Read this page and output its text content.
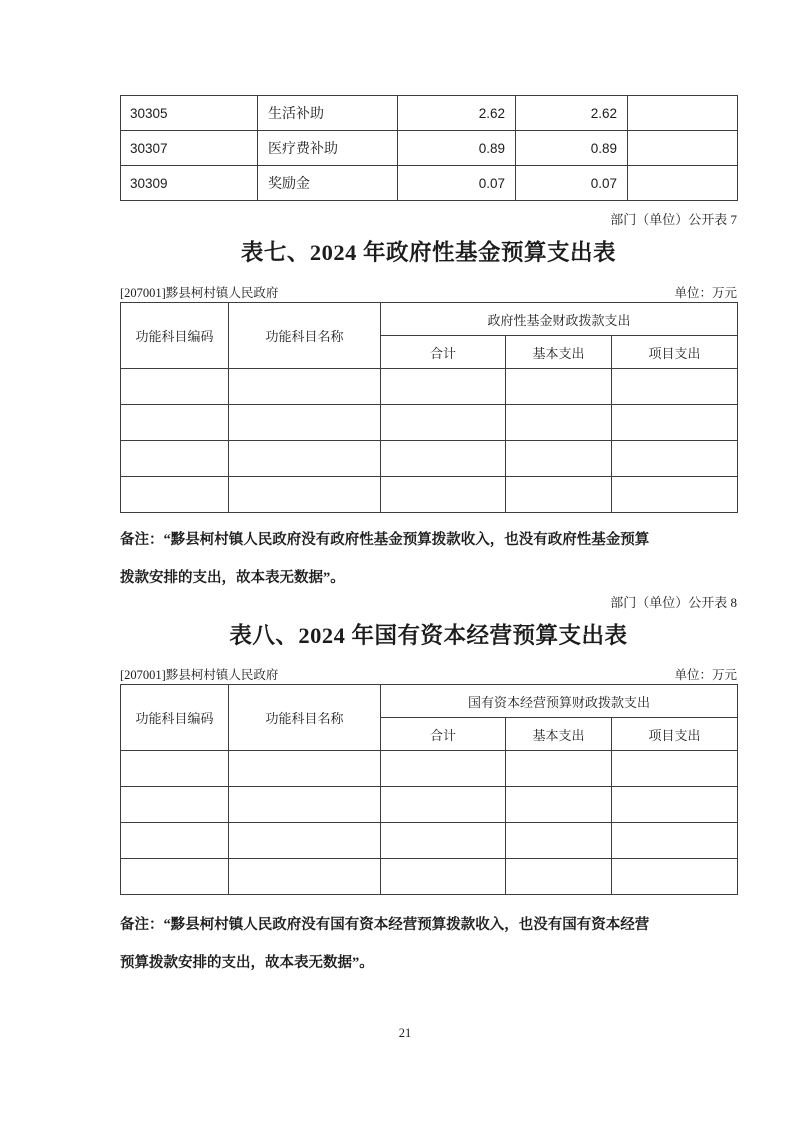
30305	生活补助	2.62	2.62	
30307	医疗费补助	0.89	0.89	
30309	奖励金	0.07	0.07	
部门（单位）公开表 7
表七、2024 年政府性基金预算支出表
[207001]黟县柯村镇人民政府	单位：万元
功能科目编码	功能科目名称	政府性基金财政拨款支出		
		合计	基本支出	项目支出

备注：“黟县柯村镇人民政府没有政府性基金预算拨款收入，也没有政府性基金预算
拨款安排的支出，故本表无数据”。
部门（单位）公开表 8
表八、2024 年国有资本经营预算支出表
[207001]黟县柯村镇人民政府	单位：万元
功能科目编码	功能科目名称	国有资本经营预算财政拨款支出		
		合计	基本支出	项目支出

备注：“黟县柯村镇人民政府没有国有资本经营预算拨款收入，也没有国有资本经营
预算拨款安排的支出，故本表无数据”。
21
